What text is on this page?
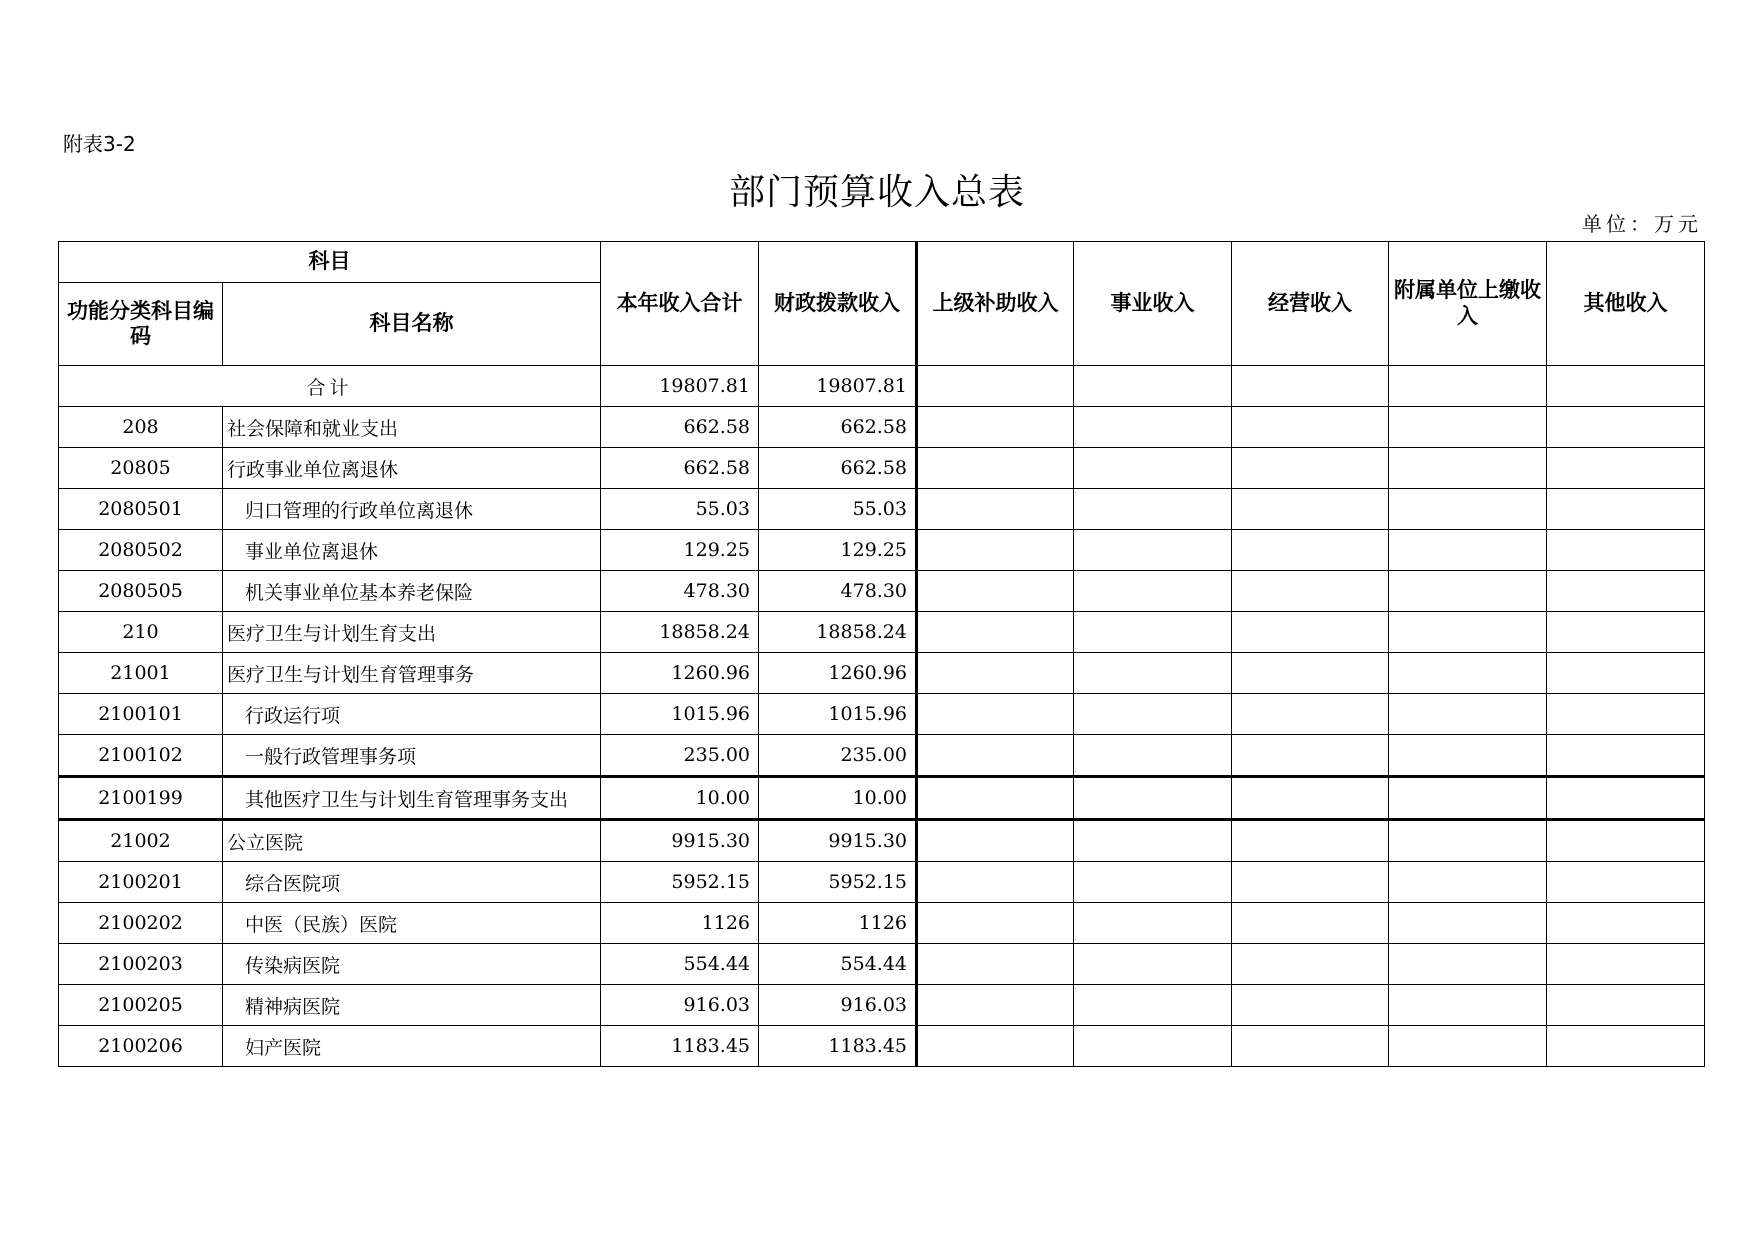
附表3-2
部门预算收入总表
单位：万元
科目		本年收入合计	财政拨款收入	上级补助收入	事业收入	经营收入	附属单位上缴收入	其他收入
功能分类科目编码	科目名称							
合计		19807.81	19807.81					
208	社会保障和就业支出	662.58	662.58					
20805	行政事业单位离退休	662.58	662.58					
2080501	归口管理的行政单位离退休	55.03	55.03					
2080502	事业单位离退休	129.25	129.25					
2080505	机关事业单位基本养老保险	478.30	478.30					
210	医疗卫生与计划生育支出	18858.24	18858.24					
21001	医疗卫生与计划生育管理事务	1260.96	1260.96					
2100101	行政运行项	1015.96	1015.96					
2100102	一般行政管理事务项	235.00	235.00					
2100199	其他医疗卫生与计划生育管理事务支出	10.00	10.00					
21002	公立医院	9915.30	9915.30					
2100201	综合医院项	5952.15	5952.15					
2100202	中医（民族）医院	1126	1126					
2100203	传染病医院	554.44	554.44					
2100205	精神病医院	916.03	916.03					
2100206	妇产医院	1183.45	1183.45					
